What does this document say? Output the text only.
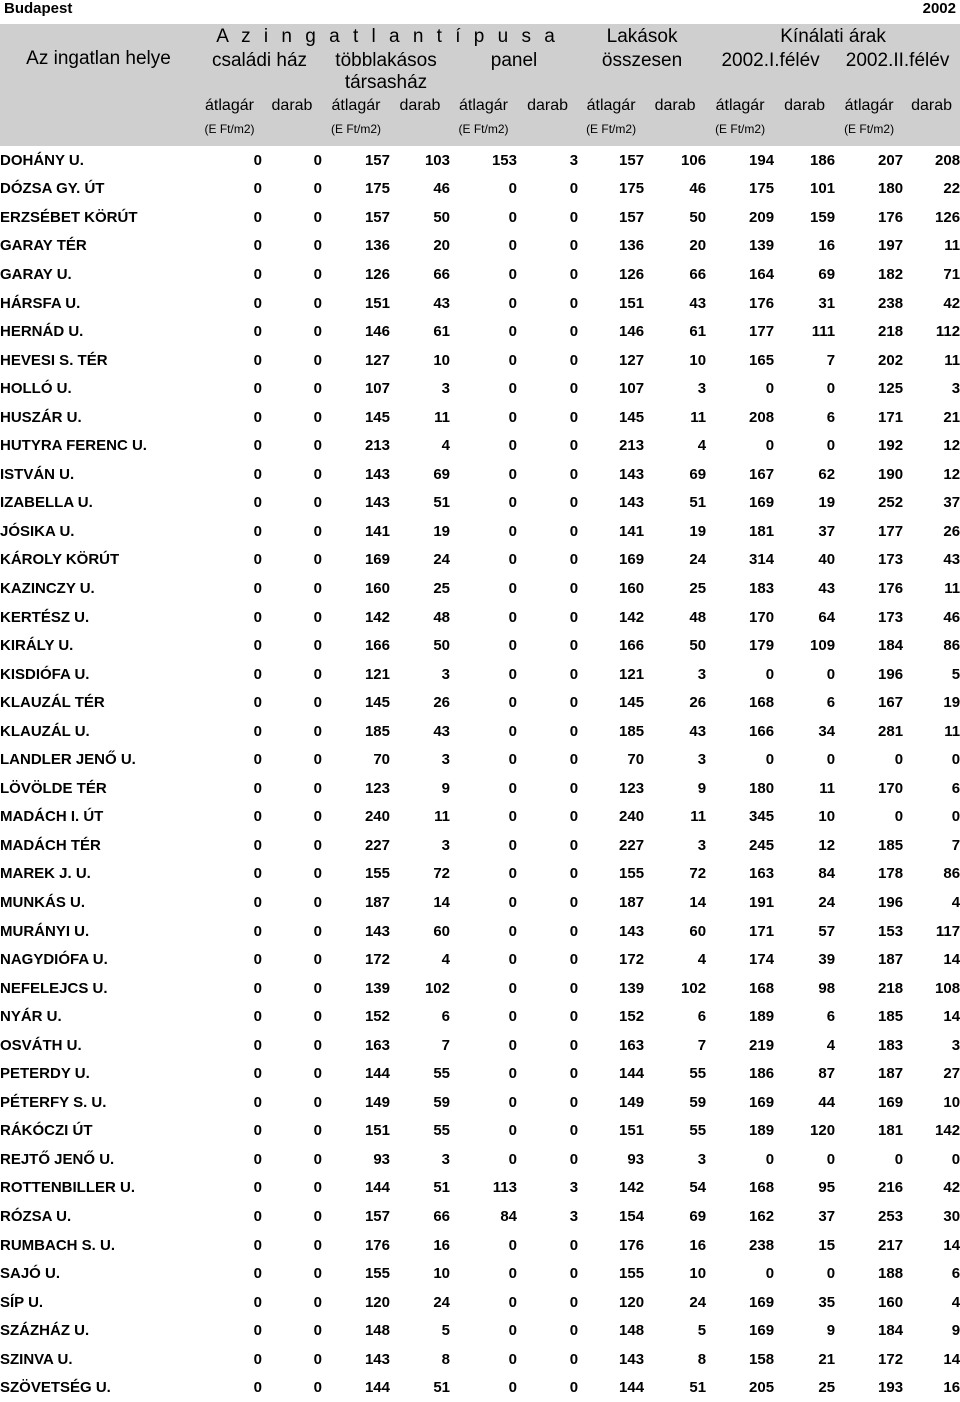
Budapest	2002
Az ingatlan helye	A z i n g a t l a n t í p u s a						Lakások		Kínálati árak			
	családi ház		többlakásos		panel		összesen		2002.I.félév		2002.II.félév	
			társasház									
	átlagár	darab	átlagár	darab	átlagár	darab	átlagár	darab	átlagár	darab	átlagár	darab
	(E Ft/m2)		(E Ft/m2)		(E Ft/m2)		(E Ft/m2)		(E Ft/m2)		(E Ft/m2)	

DOHÁNY U.	0	0	157	103	153	3	157	106	194	186	207	208
DÓZSA GY. ÚT	0	0	175	46	0	0	175	46	175	101	180	22
ERZSÉBET KÖRÚT	0	0	157	50	0	0	157	50	209	159	176	126
GARAY TÉR	0	0	136	20	0	0	136	20	139	16	197	11
GARAY U.	0	0	126	66	0	0	126	66	164	69	182	71
HÁRSFA U.	0	0	151	43	0	0	151	43	176	31	238	42
HERNÁD U.	0	0	146	61	0	0	146	61	177	111	218	112
HEVESI S. TÉR	0	0	127	10	0	0	127	10	165	7	202	11
HOLLÓ U.	0	0	107	3	0	0	107	3	0	0	125	3
HUSZÁR U.	0	0	145	11	0	0	145	11	208	6	171	21
HUTYRA FERENC U.	0	0	213	4	0	0	213	4	0	0	192	12
ISTVÁN U.	0	0	143	69	0	0	143	69	167	62	190	12
IZABELLA U.	0	0	143	51	0	0	143	51	169	19	252	37
JÓSIKA U.	0	0	141	19	0	0	141	19	181	37	177	26
KÁROLY KÖRÚT	0	0	169	24	0	0	169	24	314	40	173	43
KAZINCZY U.	0	0	160	25	0	0	160	25	183	43	176	11
KERTÉSZ U.	0	0	142	48	0	0	142	48	170	64	173	46
KIRÁLY U.	0	0	166	50	0	0	166	50	179	109	184	86
KISDIÓFA U.	0	0	121	3	0	0	121	3	0	0	196	5
KLAUZÁL TÉR	0	0	145	26	0	0	145	26	168	6	167	19
KLAUZÁL U.	0	0	185	43	0	0	185	43	166	34	281	11
LANDLER JENŐ U.	0	0	70	3	0	0	70	3	0	0	0	0
LÖVÖLDE TÉR	0	0	123	9	0	0	123	9	180	11	170	6
MADÁCH I. ÚT	0	0	240	11	0	0	240	11	345	10	0	0
MADÁCH TÉR	0	0	227	3	0	0	227	3	245	12	185	7
MAREK J. U.	0	0	155	72	0	0	155	72	163	84	178	86
MUNKÁS U.	0	0	187	14	0	0	187	14	191	24	196	4
MURÁNYI U.	0	0	143	60	0	0	143	60	171	57	153	117
NAGYDIÓFA U.	0	0	172	4	0	0	172	4	174	39	187	14
NEFELEJCS U.	0	0	139	102	0	0	139	102	168	98	218	108
NYÁR U.	0	0	152	6	0	0	152	6	189	6	185	14
OSVÁTH U.	0	0	163	7	0	0	163	7	219	4	183	3
PETERDY U.	0	0	144	55	0	0	144	55	186	87	187	27
PÉTERFY S. U.	0	0	149	59	0	0	149	59	169	44	169	10
RÁKÓCZI ÚT	0	0	151	55	0	0	151	55	189	120	181	142
REJTŐ JENŐ U.	0	0	93	3	0	0	93	3	0	0	0	0
ROTTENBILLER U.	0	0	144	51	113	3	142	54	168	95	216	42
RÓZSA U.	0	0	157	66	84	3	154	69	162	37	253	30
RUMBACH S. U.	0	0	176	16	0	0	176	16	238	15	217	14
SAJÓ U.	0	0	155	10	0	0	155	10	0	0	188	6
SÍP U.	0	0	120	24	0	0	120	24	169	35	160	4
SZÁZHÁZ U.	0	0	148	5	0	0	148	5	169	9	184	9
SZINVA U.	0	0	143	8	0	0	143	8	158	21	172	14
SZÖVETSÉG U.	0	0	144	51	0	0	144	51	205	25	193	16
